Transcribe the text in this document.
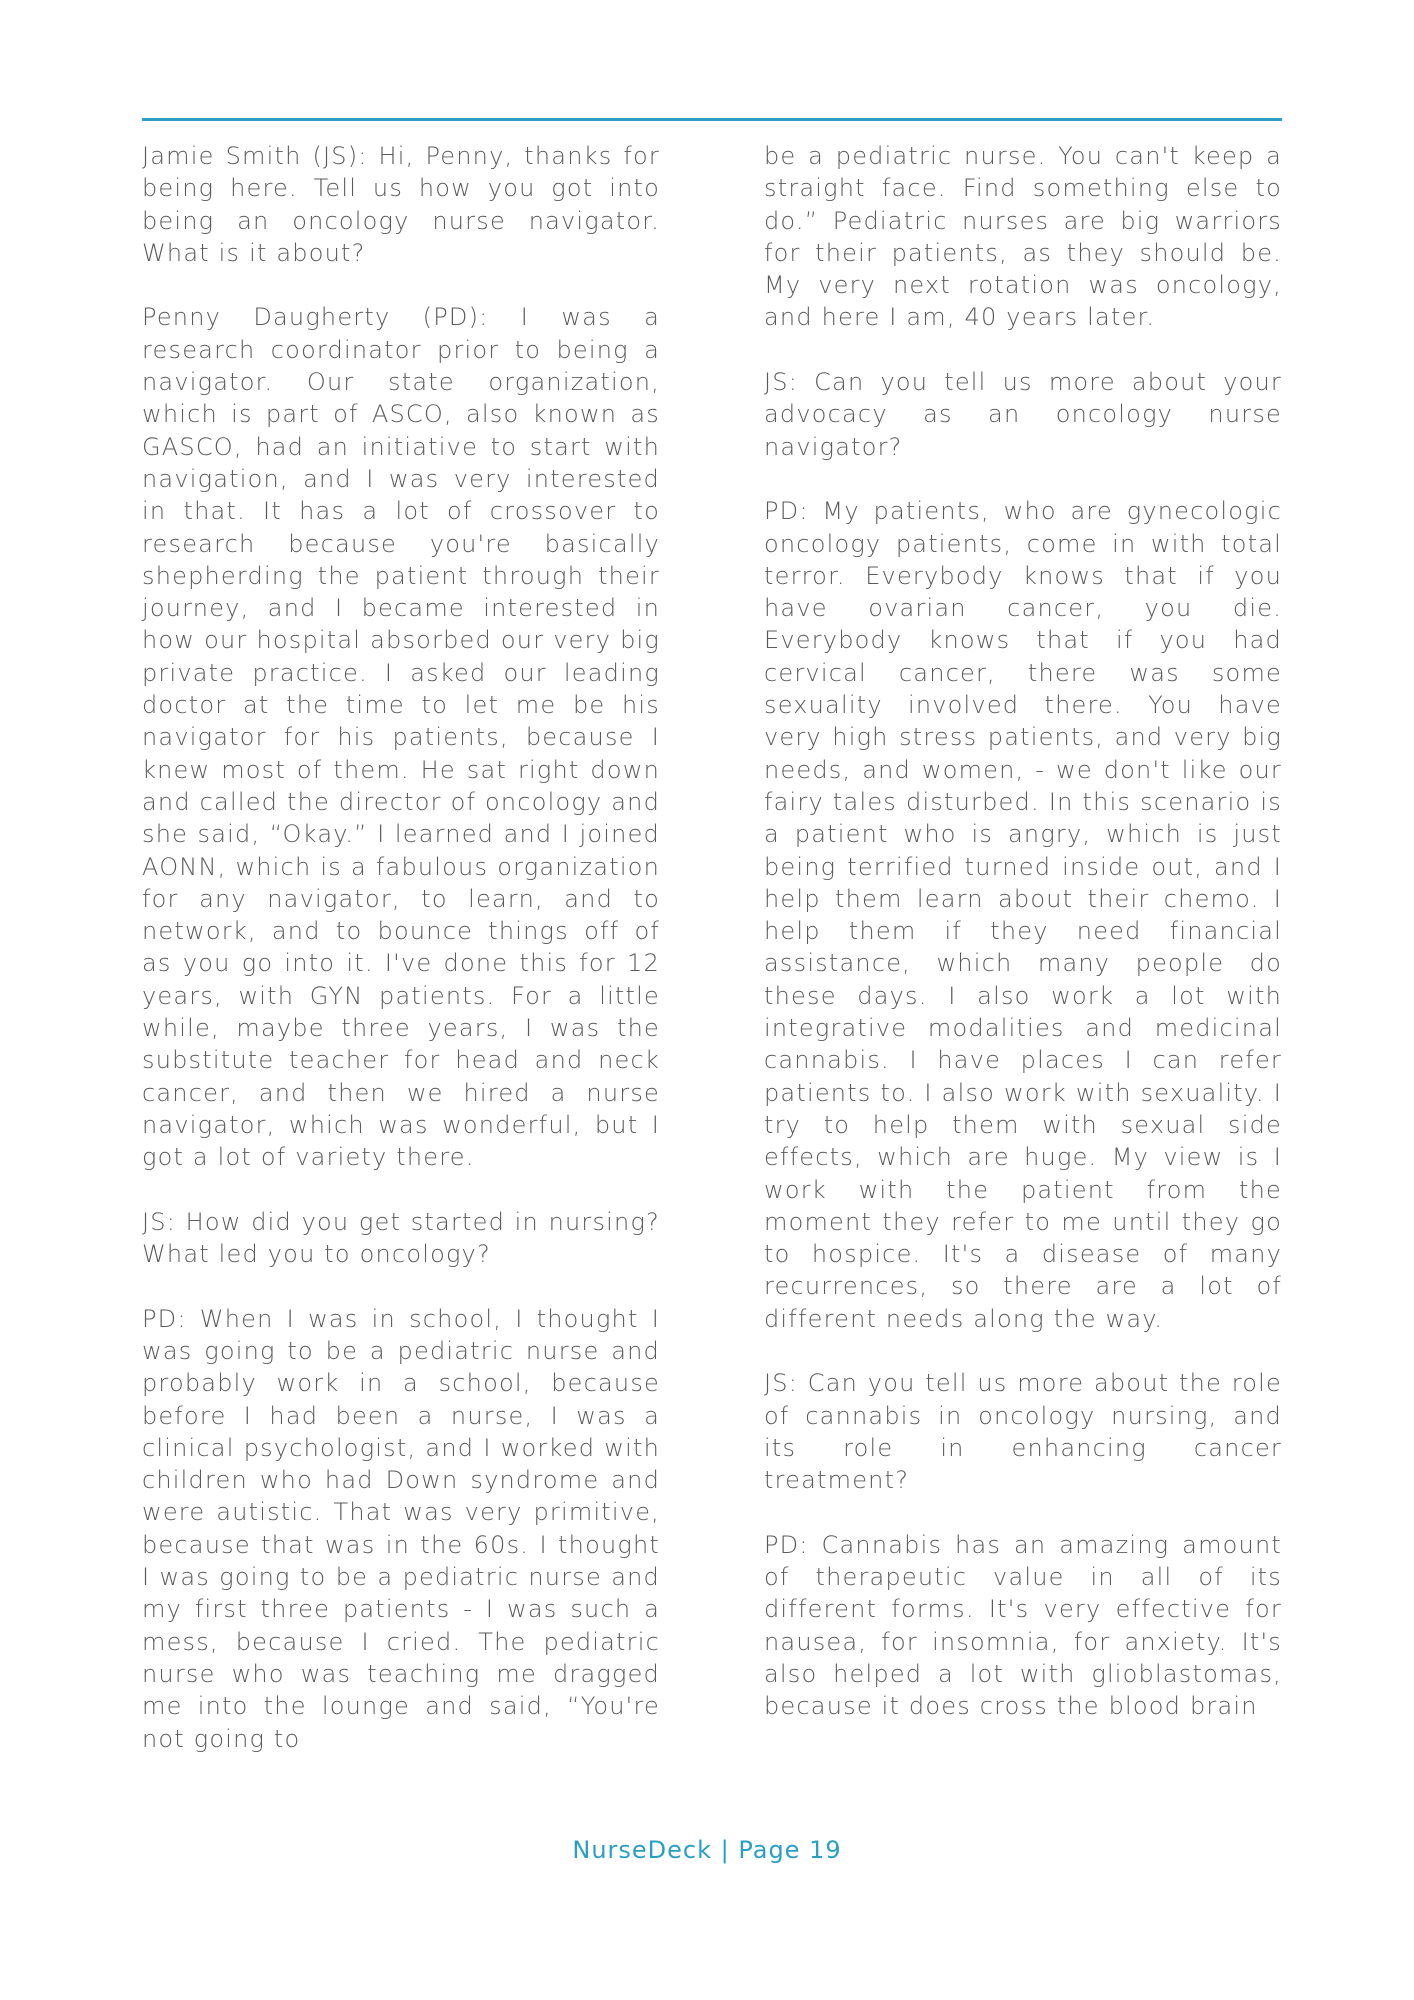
Jamie Smith (JS): Hi, Penny, thanks for being here. Tell us how you got into being an oncology nurse navigator. What is it about?

Penny Daugherty (PD): I was a research coordinator prior to being a navigator. Our state organization, which is part of ASCO, also known as GASCO, had an initiative to start with navigation, and I was very interested in that. It has a lot of crossover to research because you're basically shepherding the patient through their journey, and I became interested in how our hospital absorbed our very big private practice. I asked our leading doctor at the time to let me be his navigator for his patients, because I knew most of them. He sat right down and called the director of oncology and she said, “Okay.” I learned and I joined AONN, which is a fabulous organization for any navigator, to learn, and to network, and to bounce things off of as you go into it. I've done this for 12 years, with GYN patients. For a little while, maybe three years, I was the substitute teacher for head and neck cancer, and then we hired a nurse navigator, which was wonderful, but I got a lot of variety there.

JS: How did you get started in nursing? What led you to oncology?

PD: When I was in school, I thought I was going to be a pediatric nurse and probably work in a school, because before I had been a nurse, I was a clinical psychologist, and I worked with children who had Down syndrome and were autistic. That was very primitive, because that was in the 60s. I thought I was going to be a pediatric nurse and my first three patients - I was such a mess, because I cried. The pediatric nurse who was teaching me dragged me into the lounge and said, “You're not going to

be a pediatric nurse. You can't keep a straight face. Find something else to do.” Pediatric nurses are big warriors for their patients, as they should be. My very next rotation was oncology, and here I am, 40 years later.

JS: Can you tell us more about your advocacy as an oncology nurse navigator?

PD: My patients, who are gynecologic oncology patients, come in with total terror. Everybody knows that if you have ovarian cancer, you die. Everybody knows that if you had cervical cancer, there was some sexuality involved there. You have very high stress patients, and very big needs, and women, - we don't like our fairy tales disturbed. In this scenario is a patient who is angry, which is just being terrified turned inside out, and I help them learn about their chemo. I help them if they need financial assistance, which many people do these days. I also work a lot with integrative modalities and medicinal cannabis. I have places I can refer patients to. I also work with sexuality. I try to help them with sexual side effects, which are huge. My view is I work with the patient from the moment they refer to me until they go to hospice. It's a disease of many recurrences, so there are a lot of different needs along the way.

JS: Can you tell us more about the role of cannabis in oncology nursing, and its role in enhancing cancer treatment?

PD: Cannabis has an amazing amount of therapeutic value in all of its different forms. It's very effective for nausea, for insomnia, for anxiety. It's also helped a lot with glioblastomas, because it does cross the blood brain

NurseDeck | Page 19
